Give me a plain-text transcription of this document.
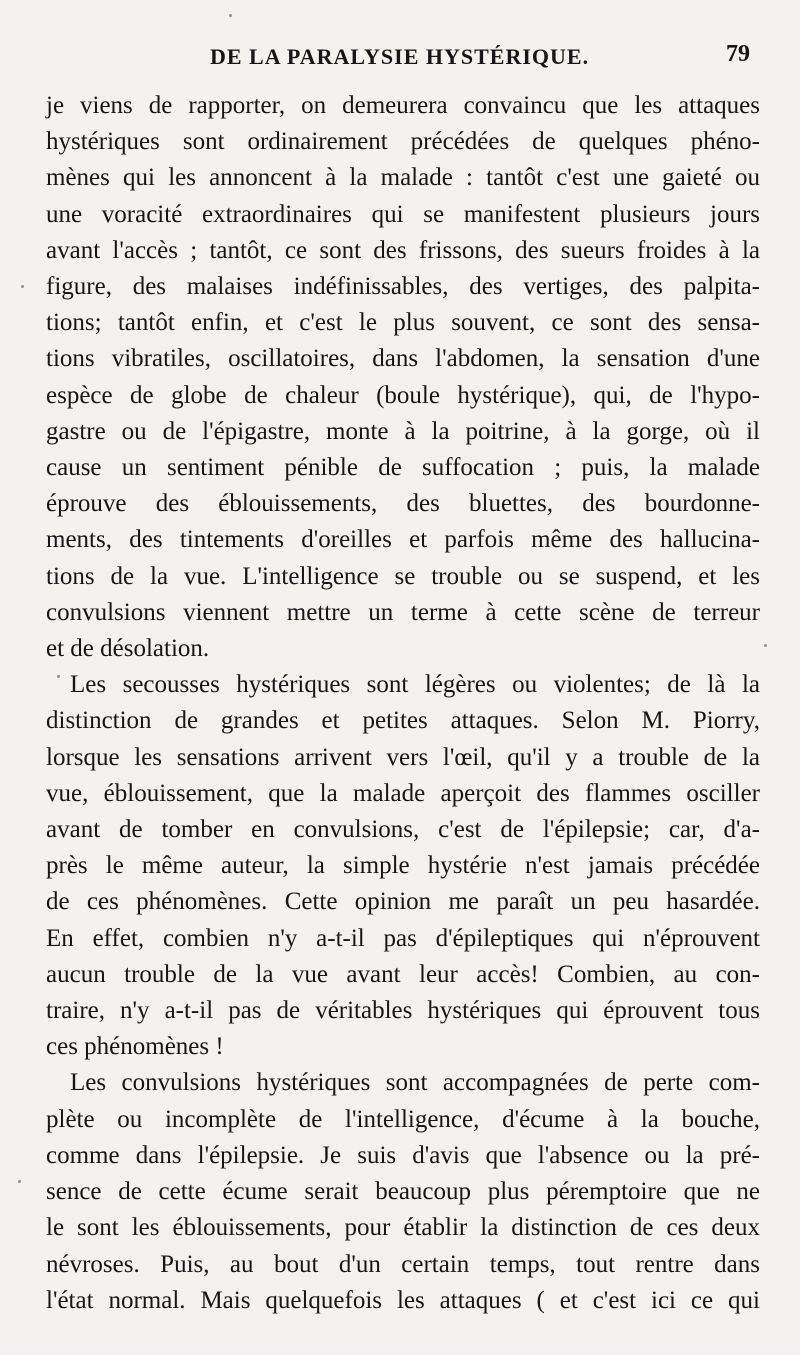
DE LA PARALYSIE HYSTÉRIQUE.	79

je viens de rapporter, on demeurera convaincu que les attaques
hystériques sont ordinairement précédées de quelques phéno-
mènes qui les annoncent à la malade : tantôt c'est une gaieté ou
une voracité extraordinaires qui se manifestent plusieurs jours
avant l'accès ; tantôt, ce sont des frissons, des sueurs froides à la
figure, des malaises indéfinissables, des vertiges, des palpita-
tions; tantôt enfin, et c'est le plus souvent, ce sont des sensa-
tions vibratiles, oscillatoires, dans l'abdomen, la sensation d'une
espèce de globe de chaleur (boule hystérique), qui, de l'hypo-
gastre ou de l'épigastre, monte à la poitrine, à la gorge, où il
cause un sentiment pénible de suffocation ; puis, la malade
éprouve des éblouissements, des bluettes, des bourdonne-
ments, des tintements d'oreilles et parfois même des hallucina-
tions de la vue. L'intelligence se trouble ou se suspend, et les
convulsions viennent mettre un terme à cette scène de terreur
et de désolation.

Les secousses hystériques sont légères ou violentes; de là la
distinction de grandes et petites attaques. Selon M. Piorry,
lorsque les sensations arrivent vers l'œil, qu'il y a trouble de la
vue, éblouissement, que la malade aperçoit des flammes osciller
avant de tomber en convulsions, c'est de l'épilepsie; car, d'a-
près le même auteur, la simple hystérie n'est jamais précédée
de ces phénomènes. Cette opinion me paraît un peu hasardée.
En effet, combien n'y a-t-il pas d'épileptiques qui n'éprouvent
aucun trouble de la vue avant leur accès! Combien, au con-
traire, n'y a-t-il pas de véritables hystériques qui éprouvent tous
ces phénomènes !

Les convulsions hystériques sont accompagnées de perte com-
plète ou incomplète de l'intelligence, d'écume à la bouche,
comme dans l'épilepsie. Je suis d'avis que l'absence ou la pré-
sence de cette écume serait beaucoup plus péremptoire que ne
le sont les éblouissements, pour établir la distinction de ces deux
névroses. Puis, au bout d'un certain temps, tout rentre dans
l'état normal. Mais quelquefois les attaques ( et c'est ici ce qui
